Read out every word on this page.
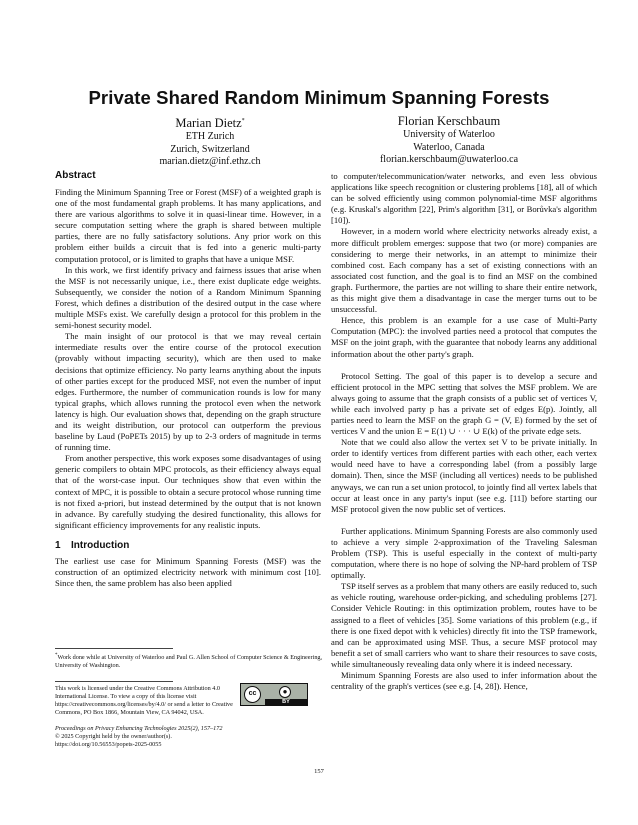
Private Shared Random Minimum Spanning Forests
Marian Dietz*
ETH Zurich
Zurich, Switzerland
marian.dietz@inf.ethz.ch
Florian Kerschbaum
University of Waterloo
Waterloo, Canada
florian.kerschbaum@uwaterloo.ca
Abstract

Finding the Minimum Spanning Tree or Forest (MSF) of a weighted graph is one of the most fundamental graph problems. It has many applications, and there are various algorithms to solve it in quasi-linear time. However, in a secure computation setting where the graph is shared between multiple parties, there are no fully satisfactory solutions. Any prior work on this problem either builds a circuit that is fed into a generic multi-party computation protocol, or is limited to graphs that have a unique MSF.

In this work, we first identify privacy and fairness issues that arise when the MSF is not necessarily unique, i.e., there exist duplicate edge weights. Subsequently, we consider the notion of a Random Minimum Spanning Forest, which defines a distribution of the desired output in the case where multiple MSFs exist. We carefully design a protocol for this problem in the semi-honest security model.

The main insight of our protocol is that we may reveal certain intermediate results over the entire course of the protocol execution (provably without impacting security), which are then used to make decisions that optimize efficiency. No party learns anything about the inputs of other parties except for the produced MSF, not even the number of input edges. Furthermore, the number of communication rounds is low for many typical graphs, which allows running the protocol even when the network latency is high. Our evaluation shows that, depending on the graph structure and its weight distribution, our protocol can outperform the previous baseline by Laud (PoPETs 2015) by up to 2-3 orders of magnitude in terms of running time.

From another perspective, this work exposes some disadvantages of using generic compilers to obtain MPC protocols, as their efficiency always equal that of the worst-case input. Our techniques show that even within the context of MPC, it is possible to obtain a secure protocol whose running time is not fixed a-priori, but instead determined by the output that is not known in advance. By carefully studying the desired functionality, this allows for significant efficiency improvements for any realistic inputs.

1 Introduction

The earliest use case for Minimum Spanning Forests (MSF) was the construction of an optimized electricity network with minimum cost [10]. Since then, the same problem has also been applied

*Work done while at University of Waterloo and Paul G. Allen School of Computer Science & Engineering, University of Washington.
This work is licensed under the Creative Commons Attribution 4.0 International License. To view a copy of this license visit https://creativecommons.org/licenses/by/4.0/ or send a letter to Creative Commons, PO Box 1866, Mountain View, CA 94042, USA.
cc	●
BY
Proceedings on Privacy Enhancing Technologies 2025(2), 157–172
© 2025 Copyright held by the owner/author(s).
https://doi.org/10.56553/popets-2025-0055

to computer/telecommunication/water networks, and even less obvious applications like speech recognition or clustering problems [18], all of which can be solved efficiently using common polynomial-time MSF algorithms (e.g. Kruskal's algorithm [22], Prim's algorithm [31], or Borůvka's algorithm [10]).

However, in a modern world where electricity networks already exist, a more difficult problem emerges: suppose that two (or more) companies are considering to merge their networks, in an attempt to minimize their combined cost. Each company has a set of existing connections with an associated cost function, and the goal is to find an MSF on the combined graph. Furthermore, the parties are not willing to share their entire network, as this might give them a disadvantage in case the merger turns out to be unsuccessful.

Hence, this problem is an example for a use case of Multi-Party Computation (MPC): the involved parties need a protocol that computes the MSF on the joint graph, with the guarantee that nobody learns any additional information about the other party's graph.

Protocol Setting. The goal of this paper is to develop a secure and efficient protocol in the MPC setting that solves the MSF problem. We are always going to assume that the graph consists of a public set of vertices V, while each involved party p has a private set of edges E(p). Jointly, all parties need to learn the MSF on the graph G = (V, E) formed by the set of vertices V and the union E = E(1) ∪ · · · ∪ E(k) of the private edge sets.

Note that we could also allow the vertex set V to be private initially. In order to identify vertices from different parties with each other, each vertex would need have to have a corresponding label (from a possibly large domain). Then, since the MSF (including all vertices) needs to be published anyways, we can run a set union protocol, to jointly find all vertex labels that occur at least once in any party's input (see e.g. [11]) before starting our MSF protocol given the now public set of vertices.

Further applications. Minimum Spanning Forests are also commonly used to achieve a very simple 2-approximation of the Traveling Salesman Problem (TSP). This is useful especially in the context of multi-party computation, where there is no hope of solving the NP-hard problem of TSP optimally.

TSP itself serves as a problem that many others are easily reduced to, such as vehicle routing, warehouse order-picking, and scheduling problems [27]. Consider Vehicle Routing: in this optimization problem, routes have to be assigned to a fleet of vehicles [35]. Some variations of this problem (e.g., if there is one fixed depot with k vehicles) directly fit into the TSP framework, and can be approximated using MSF. Thus, a secure MSF protocol may benefit a set of small carriers who want to share their resources to save costs, while simultaneously revealing data only where it is indeed necessary.

Minimum Spanning Forests are also used to infer information about the centrality of the graph's vertices (see e.g. [4, 28]). Hence,

157
